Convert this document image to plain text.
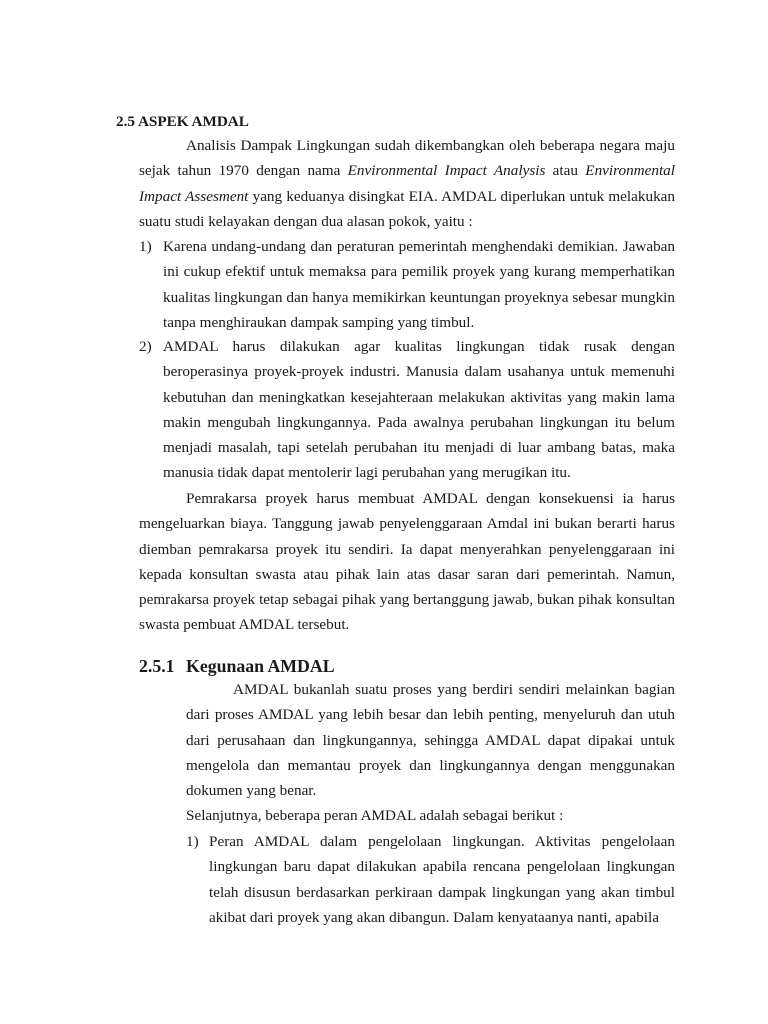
2.5 ASPEK AMDAL

Analisis Dampak Lingkungan sudah dikembangkan oleh beberapa negara maju sejak tahun 1970 dengan nama Environmental Impact Analysis atau Environmental Impact Assesment yang keduanya disingkat EIA. AMDAL diperlukan untuk melakukan suatu studi kelayakan dengan dua alasan pokok, yaitu :

1) Karena undang-undang dan peraturan pemerintah menghendaki demikian. Jawaban ini cukup efektif untuk memaksa para pemilik proyek yang kurang memperhatikan kualitas lingkungan dan hanya memikirkan keuntungan proyeknya sebesar mungkin tanpa menghiraukan dampak samping yang timbul.

2) AMDAL harus dilakukan agar kualitas lingkungan tidak rusak dengan beroperasinya proyek-proyek industri. Manusia dalam usahanya untuk memenuhi kebutuhan dan meningkatkan kesejahteraan melakukan aktivitas yang makin lama makin mengubah lingkungannya. Pada awalnya perubahan lingkungan itu belum menjadi masalah, tapi setelah perubahan itu menjadi di luar ambang batas, maka manusia tidak dapat mentolerir lagi perubahan yang merugikan itu.

Pemrakarsa proyek harus membuat AMDAL dengan konsekuensi ia harus mengeluarkan biaya. Tanggung jawab penyelenggaraan Amdal ini bukan berarti harus diemban pemrakarsa proyek itu sendiri. Ia dapat menyerahkan penyelenggaraan ini kepada konsultan swasta atau pihak lain atas dasar saran dari pemerintah. Namun, pemrakarsa proyek tetap sebagai pihak yang bertanggung jawab, bukan pihak konsultan swasta pembuat AMDAL tersebut.

2.5.1 Kegunaan AMDAL

AMDAL bukanlah suatu proses yang berdiri sendiri melainkan bagian dari proses AMDAL yang lebih besar dan lebih penting, menyeluruh dan utuh dari perusahaan dan lingkungannya, sehingga AMDAL dapat dipakai untuk mengelola dan memantau proyek dan lingkungannya dengan menggunakan dokumen yang benar.

Selanjutnya, beberapa peran AMDAL adalah sebagai berikut :

1) Peran AMDAL dalam pengelolaan lingkungan. Aktivitas pengelolaan lingkungan baru dapat dilakukan apabila rencana pengelolaan lingkungan telah disusun berdasarkan perkiraan dampak lingkungan yang akan timbul akibat dari proyek yang akan dibangun. Dalam kenyataanya nanti, apabila
